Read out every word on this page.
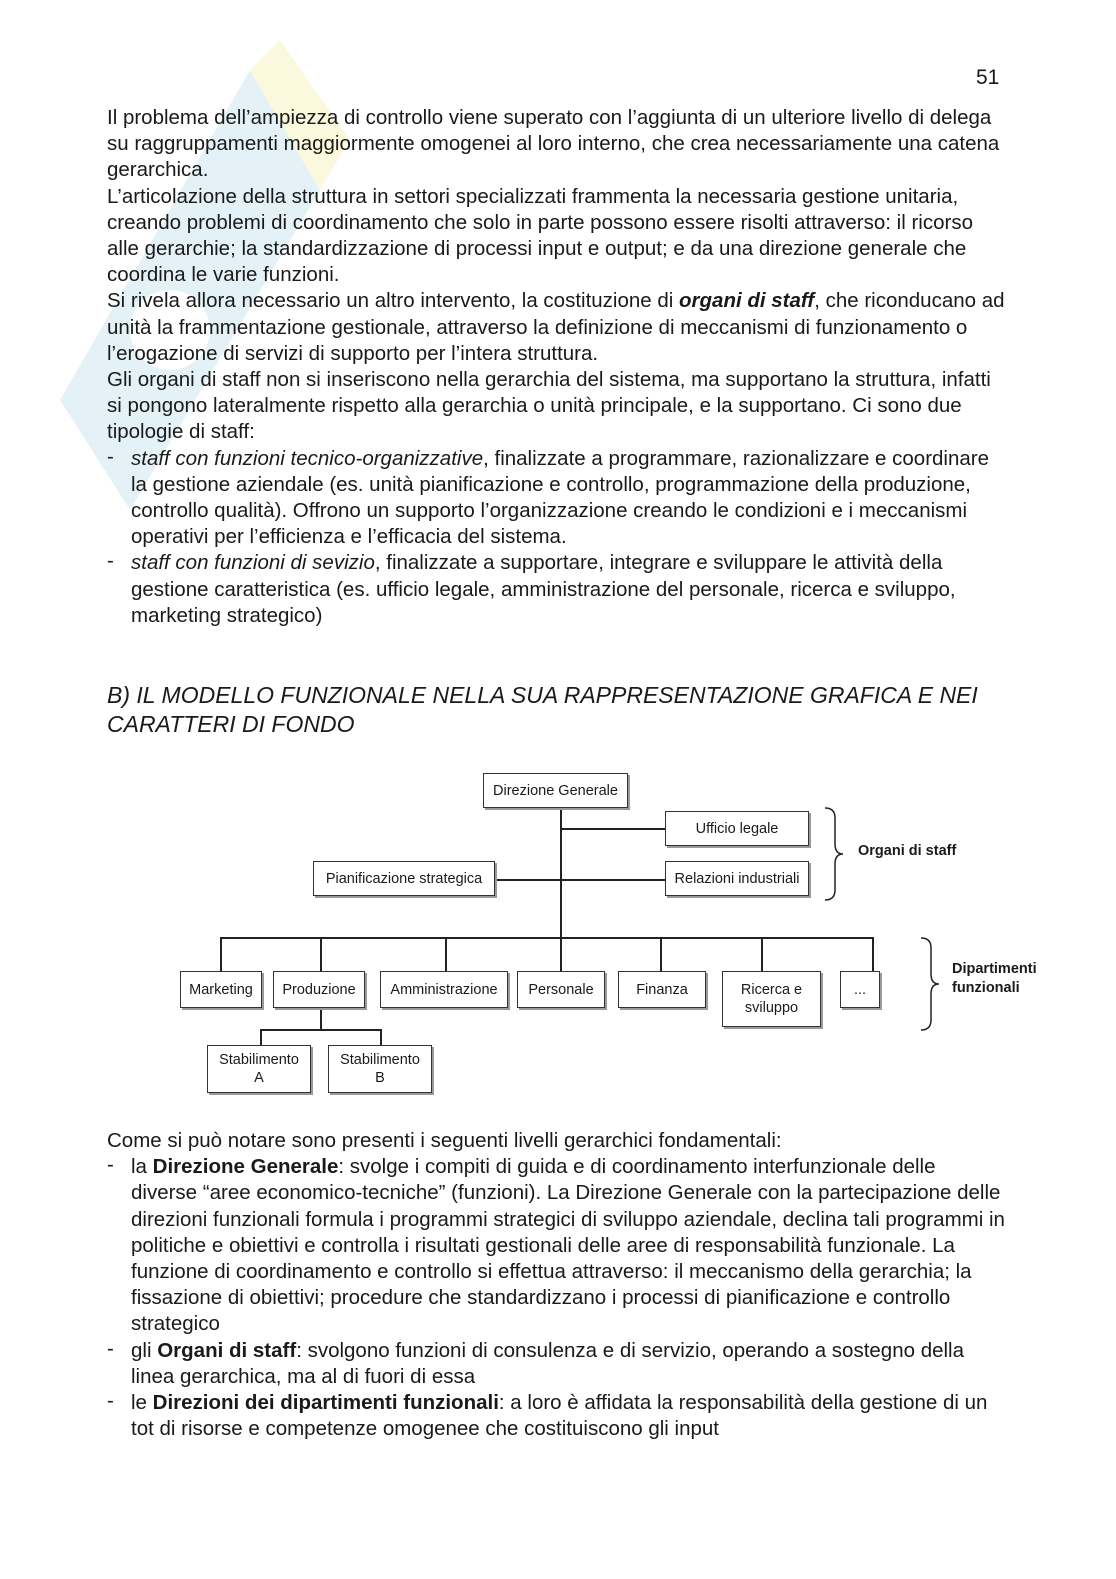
51

Il problema dell’ampiezza di controllo viene superato con l’aggiunta di un ulteriore livello di delega su raggruppamenti maggiormente omogenei al loro interno, che crea necessariamente una catena gerarchica.

L’articolazione della struttura in settori specializzati frammenta la necessaria gestione unitaria, creando problemi di coordinamento che solo in parte possono essere risolti attraverso: il ricorso alle gerarchie; la standardizzazione di processi input e output; e da una direzione generale che coordina le varie funzioni.

Si rivela allora necessario un altro intervento, la costituzione di organi di staff, che riconducano ad unità la frammentazione gestionale, attraverso la definizione di meccanismi di funzionamento o l’erogazione di servizi di supporto per l’intera struttura.

Gli organi di staff non si inseriscono nella gerarchia del sistema, ma supportano la struttura, infatti si pongono lateralmente rispetto alla gerarchia o unità principale, e la supportano. Ci sono due tipologie di staff:

- staff con funzioni tecnico-organizzative, finalizzate a programmare, razionalizzare e coordinare la gestione aziendale (es. unità pianificazione e controllo, programmazione della produzione, controllo qualità). Offrono un supporto l’organizzazione creando le condizioni e i meccanismi operativi per l’efficienza e l’efficacia del sistema.
- staff con funzioni di sevizio, finalizzate a supportare, integrare e sviluppare le attività della gestione caratteristica (es. ufficio legale, amministrazione del personale, ricerca e sviluppo, marketing strategico)
B) IL MODELLO FUNZIONALE NELLA SUA RAPPRESENTAZIONE GRAFICA E NEI CARATTERI DI FONDO
Direzione Generale
Ufficio legale
Relazioni industriali
Pianificazione strategica
Marketing Produzione Amministrazione Personale	Finanza	Ricerca e
sviluppo
...
Stabilimento
A
Stabilimento
B
Organi di staff
Dipartimenti
funzionali

Come si può notare sono presenti i seguenti livelli gerarchici fondamentali:

- la Direzione Generale: svolge i compiti di guida e di coordinamento interfunzionale delle diverse “aree economico-tecniche” (funzioni). La Direzione Generale con la partecipazione delle direzioni funzionali formula i programmi strategici di sviluppo aziendale, declina tali programmi in politiche e obiettivi e controlla i risultati gestionali delle aree di responsabilità funzionale. La funzione di coordinamento e controllo si effettua attraverso: il meccanismo della gerarchia; la fissazione di obiettivi; procedure che standardizzano i processi di pianificazione e controllo strategico
- gli Organi di staff: svolgono funzioni di consulenza e di servizio, operando a sostegno della linea gerarchica, ma al di fuori di essa
- le Direzioni dei dipartimenti funzionali: a loro è affidata la responsabilità della gestione di un tot di risorse e competenze omogenee che costituiscono gli input
